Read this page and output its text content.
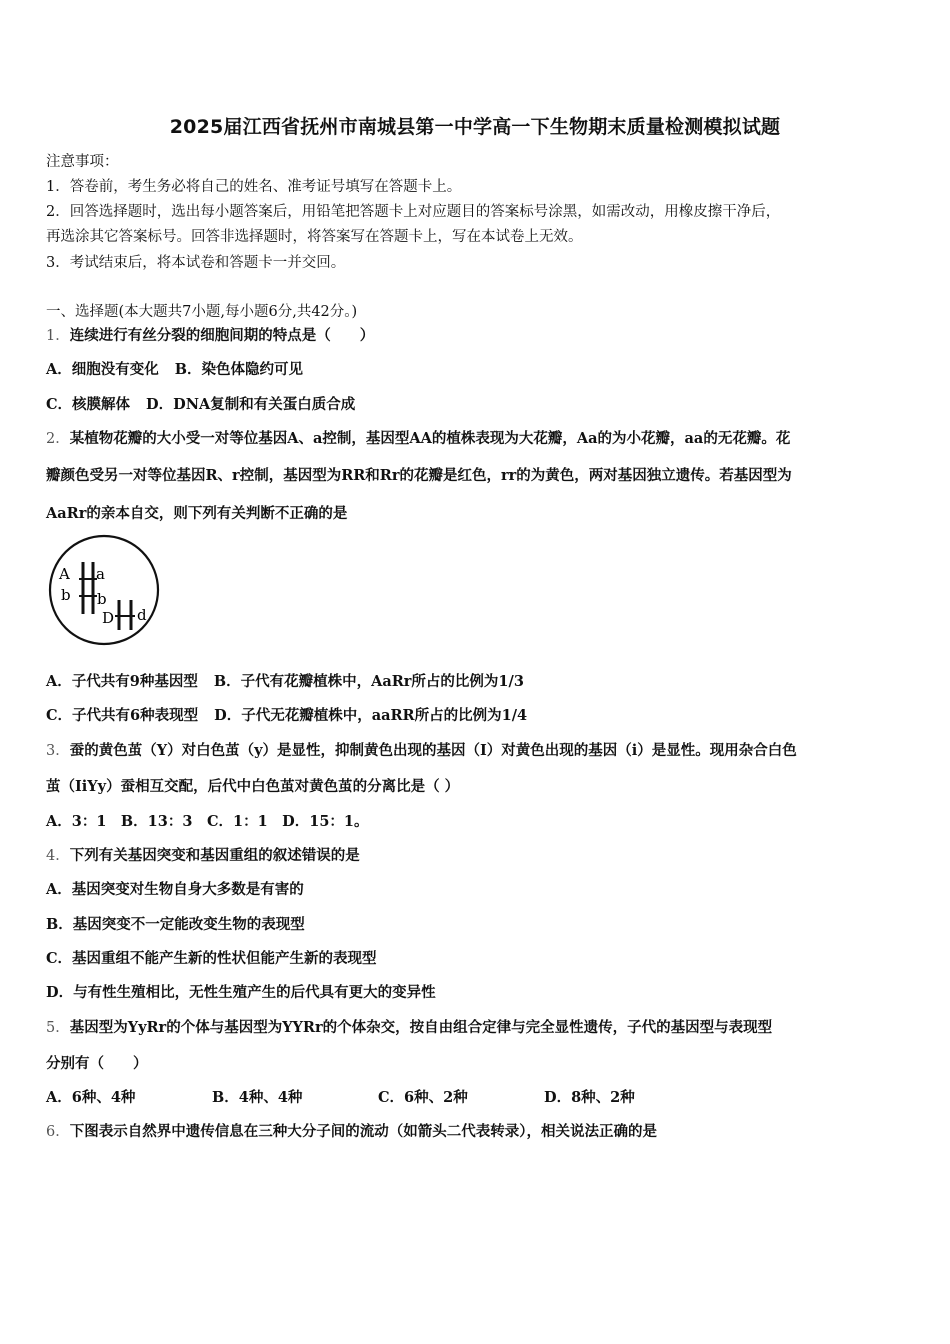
2025届江西省抚州市南城县第一中学高一下生物期末质量检测模拟试题
注意事项：
1．答卷前，考生务必将自己的姓名、准考证号填写在答题卡上。
2．回答选择题时，选出每小题答案后，用铅笔把答题卡上对应题目的答案标号涂黑，如需改动，用橡皮擦干净后，
再选涂其它答案标号。回答非选择题时，将答案写在答题卡上，写在本试卷上无效。
3．考试结束后，将本试卷和答题卡一并交回。
一、选择题(本大题共7小题,每小题6分,共42分。)
1．连续进行有丝分裂的细胞间期的特点是（　　）
A．细胞没有变化 B．染色体隐约可见
C．核膜解体 D．DNA复制和有关蛋白质合成
2．某植物花瓣的大小受一对等位基因A、a控制，基因型AA的植株表现为大花瓣，Aa的为小花瓣，aa的无花瓣。花
瓣颜色受另一对等位基因R、r控制，基因型为RR和Rr的花瓣是红色，rr的为黄色，两对基因独立遗传。若基因型为
AaRr的亲本自交，则下列有关判断不正确的是
A a
b b
D d
A．子代共有9种基因型 B．子代有花瓣植株中，AaRr所占的比例为1/3
C．子代共有6种表现型 D．子代无花瓣植株中，aaRR所占的比例为1/4
3．蚕的黄色茧（Y）对白色茧（y）是显性，抑制黄色出现的基因（I）对黄色出现的基因（i）是显性。现用杂合白色
茧（IiYy）蚕相互交配，后代中白色茧对黄色茧的分离比是（ ）
A．3：1　B．13：3　C．1：1　D．15：1。
4．下列有关基因突变和基因重组的叙述错误的是
A．基因突变对生物自身大多数是有害的
B．基因突变不一定能改变生物的表现型
C．基因重组不能产生新的性状但能产生新的表现型
D．与有性生殖相比，无性生殖产生的后代具有更大的变异性
5．基因型为YyRr的个体与基因型为YYRr的个体杂交，按自由组合定律与完全显性遗传，子代的基因型与表现型
分别有（　　）
A．6种、4种	B．4种、4种	C．6种、2种	D．8种、2种
6．下图表示自然界中遗传信息在三种大分子间的流动（如箭头二代表转录），相关说法正确的是
